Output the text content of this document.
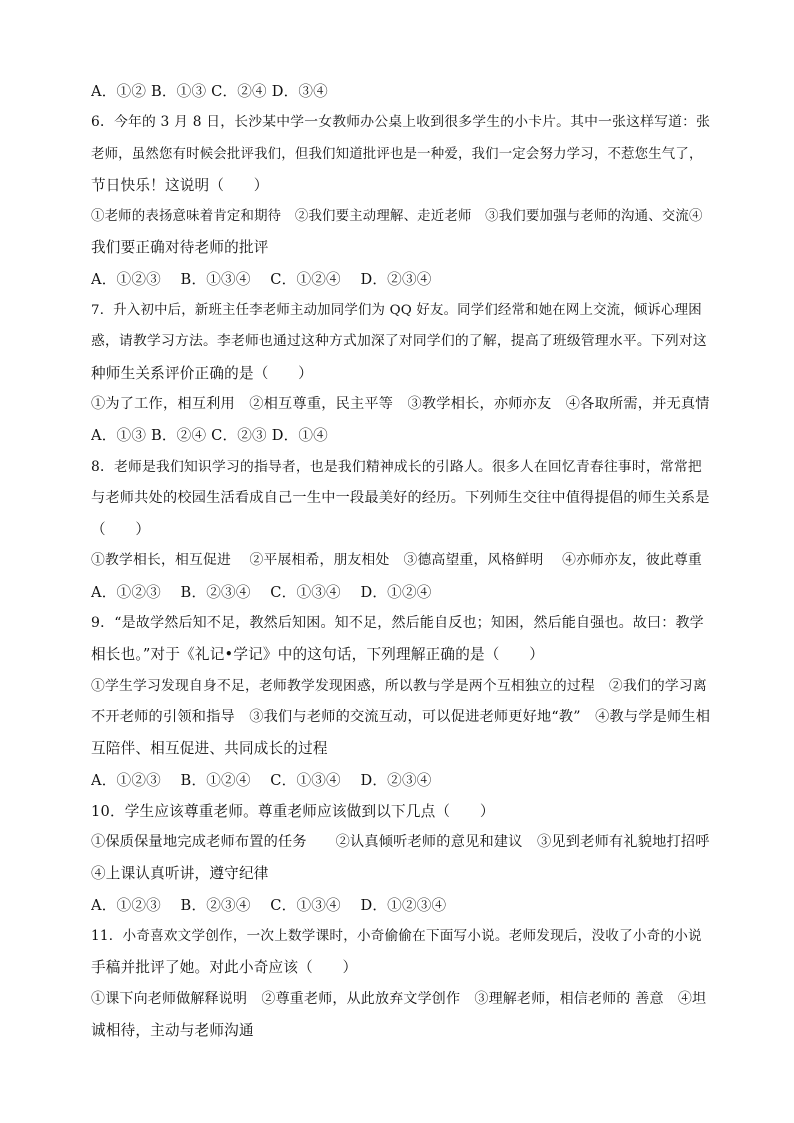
A．①② B．①③ C．②④ D．③④
6．今年的 3 月 8 日，长沙某中学一女教师办公桌上收到很多学生的小卡片。其中一张这样写道：张
老师，虽然您有时候会批评我们，但我们知道批评也是一种爱，我们一定会努力学习，不惹您生气了，
节日快乐！这说明（　　）
①老师的表扬意味着肯定和期待　②我们要主动理解、走近老师　③我们要加强与老师的沟通、交流④
我们要正确对待老师的批评
A．①②③　 B．①③④　 C．①②④　 D．②③④
7．升入初中后，新班主任李老师主动加同学们为 QQ 好友。同学们经常和她在网上交流，倾诉心理困
惑，请教学习方法。李老师也通过这种方式加深了对同学们的了解，提高了班级管理水平。下列对这
种师生关系评价正确的是（　　）
①为了工作，相互利用　②相互尊重，民主平等　③教学相长，亦师亦友　④各取所需，并无真情
A．①③ B．②④ C．②③ D．①④
8．老师是我们知识学习的指导者，也是我们精神成长的引路人。很多人在回忆青春往事时，常常把
与老师共处的校园生活看成自己一生中一段最美好的经历。下列师生交往中值得提倡的师生关系是
（　　）
①教学相长，相互促进　 ②平展相希，朋友相处　③德高望重，风格鲜明　 ④亦师亦友，彼此尊重
A．①②③　 B．②③④　 C．①③④　 D．①②④
9．“是故学然后知不足，教然后知困。知不足，然后能自反也；知困，然后能自强也。故曰：教学
相长也。”对于《礼记•学记》中的这句话，下列理解正确的是（　　）
①学生学习发现自身不足，老师教学发现困惑，所以教与学是两个互相独立的过程　②我们的学习离
不开老师的引领和指导　③我们与老师的交流互动，可以促进老师更好地“教”　④教与学是师生相
互陪伴、相互促进、共同成长的过程
A．①②③　 B．①②④　 C．①③④　 D．②③④
10．学生应该尊重老师。尊重老师应该做到以下几点（　　）
①保质保量地完成老师布置的任务　　②认真倾听老师的意见和建议　③见到老师有礼貌地打招呼
④上课认真听讲，遵守纪律
A．①②③　 B．②③④　 C．①③④　 D．①②③④
11．小奇喜欢文学创作，一次上数学课时，小奇偷偷在下面写小说。老师发现后，没收了小奇的小说
手稿并批评了她。对此小奇应该（　　）
①课下向老师做解释说明　②尊重老师，从此放弃文学创作　③理解老师，相信老师的 善意　④坦
诚相待，主动与老师沟通
